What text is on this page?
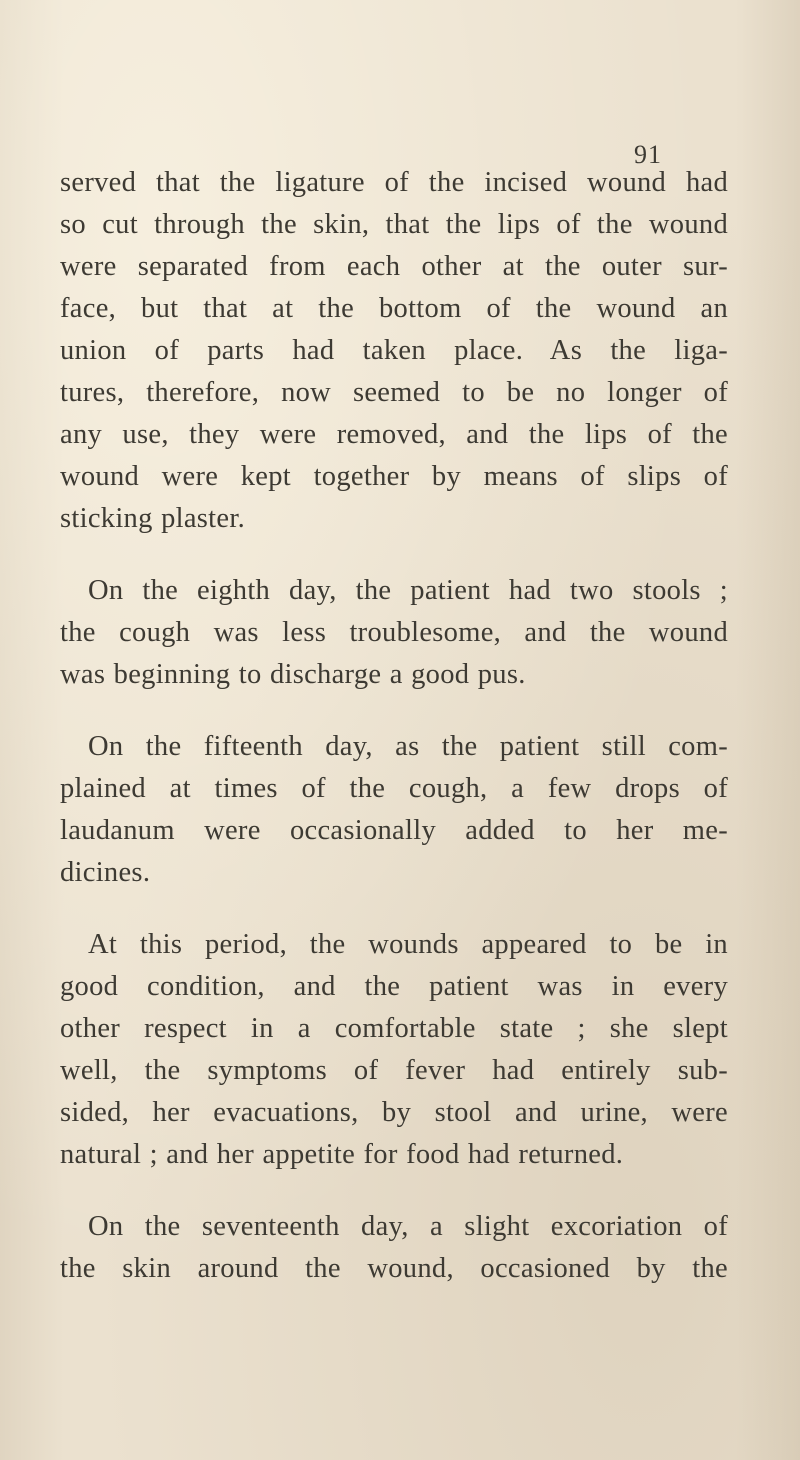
91

served that the ligature of the incised wound had
so cut through the skin, that the lips of the wound
were separated from each other at the outer sur-
face, but that at the bottom of the wound an
union of parts had taken place. As the liga-
tures, therefore, now seemed to be no longer of
any use, they were removed, and the lips of the
wound were kept together by means of slips of
sticking plaster.

On the eighth day, the patient had two stools ;
the cough was less troublesome, and the wound
was beginning to discharge a good pus.

On the fifteenth day, as the patient still com-
plained at times of the cough, a few drops of
laudanum were occasionally added to her me-
dicines.

At this period, the wounds appeared to be in
good condition, and the patient was in every
other respect in a comfortable state ; she slept
well, the symptoms of fever had entirely sub-
sided, her evacuations, by stool and urine, were
natural ; and her appetite for food had returned.

On the seventeenth day, a slight excoriation of
the skin around the wound, occasioned by the
